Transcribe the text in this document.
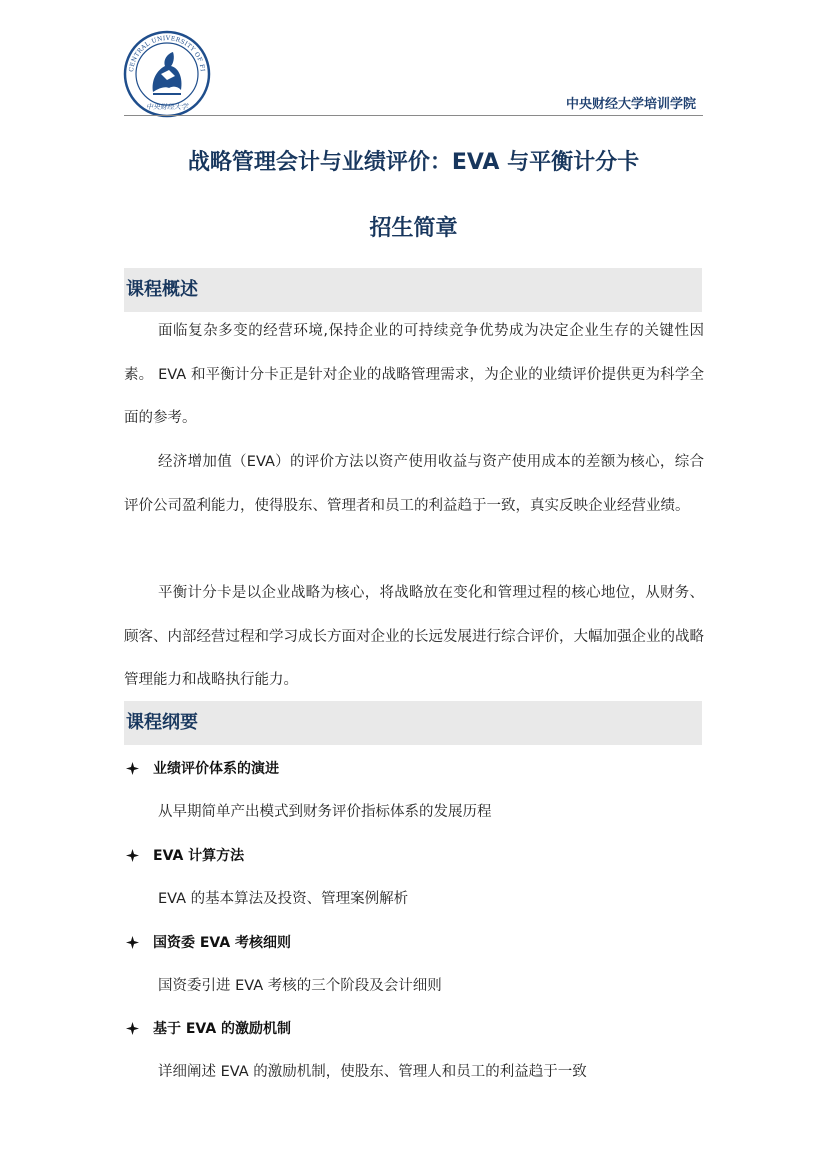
CENTRAL UNIVERSITY OF FI
中央财经大学	中央财经大学培训学院
战略管理会计与业绩评价：EVA 与平衡计分卡
招生简章
课程概述
面临复杂多变的经营环境,保持企业的可持续竞争优势成为决定企业生存的关键性因素。 EVA 和平衡计分卡正是针对企业的战略管理需求，为企业的业绩评价提供更为科学全面的参考。
经济增加值（EVA）的评价方法以资产使用收益与资产使用成本的差额为核心，综合评价公司盈利能力，使得股东、管理者和员工的利益趋于一致，真实反映企业经营业绩。
平衡计分卡是以企业战略为核心，将战略放在变化和管理过程的核心地位，从财务、顾客、内部经营过程和学习成长方面对企业的长远发展进行综合评价，大幅加强企业的战略管理能力和战略执行能力。
课程纲要
业绩评价体系的演进
从早期简单产出模式到财务评价指标体系的发展历程
EVA 计算方法
EVA 的基本算法及投资、管理案例解析
国资委 EVA 考核细则
国资委引进 EVA 考核的三个阶段及会计细则
基于 EVA 的激励机制
详细阐述 EVA 的激励机制，使股东、管理人和员工的利益趋于一致
